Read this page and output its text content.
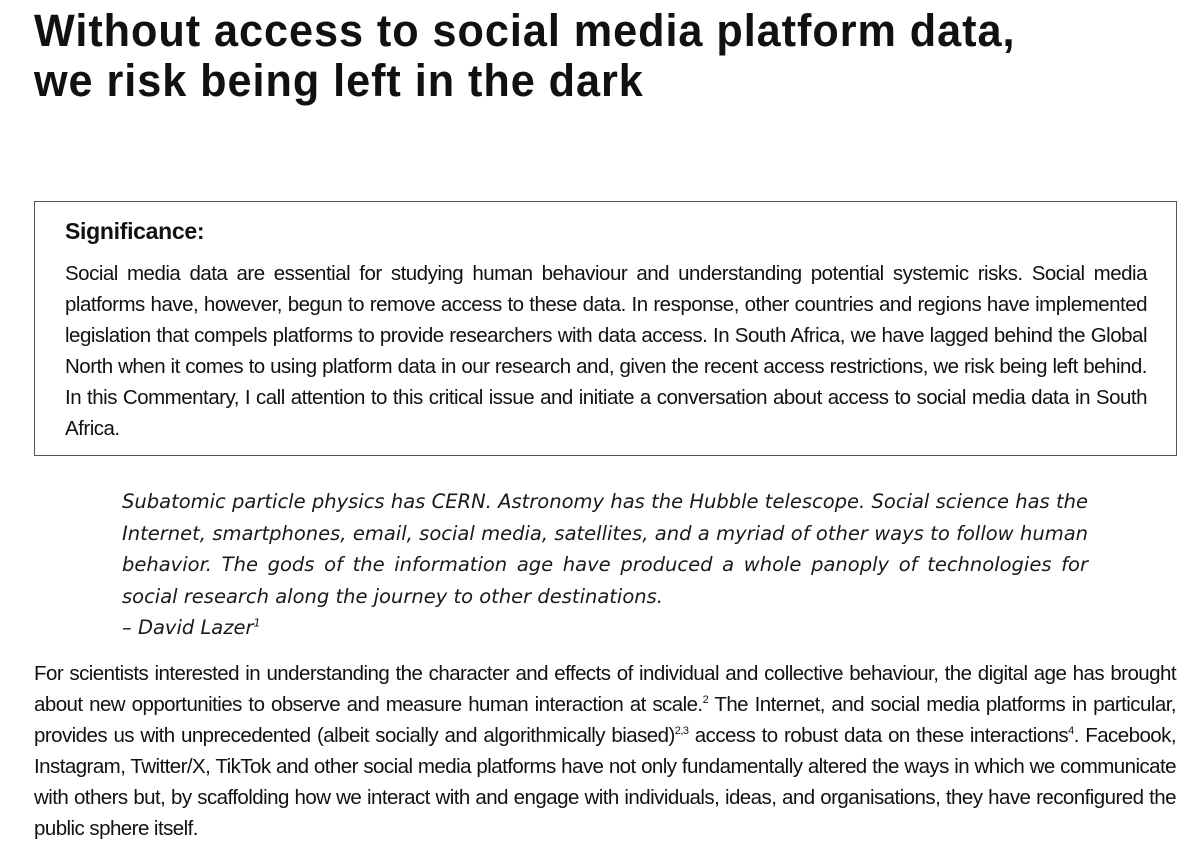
Without access to social media platform data,
we risk being left in the dark
Significance:

Social media data are essential for studying human behaviour and understanding potential systemic risks. Social media platforms have, however, begun to remove access to these data. In response, other countries and regions have implemented legislation that compels platforms to provide researchers with data access. In South Africa, we have lagged behind the Global North when it comes to using platform data in our research and, given the recent access restrictions, we risk being left behind. In this Commentary, I call attention to this critical issue and initiate a conversation about access to social media data in South Africa.

Subatomic particle physics has CERN. Astronomy has the Hubble telescope. Social science has the Internet, smartphones, email, social media, satellites, and a myriad of other ways to follow human behavior. The gods of the information age have produced a whole panoply of technologies for social research along the journey to other destinations.

– David Lazer$^1$

For scientists interested in understanding the character and effects of individual and collective behaviour, the digital age has brought about new opportunities to observe and measure human interaction at scale.$^2$ The Internet, and social media platforms in particular, provides us with unprecedented (albeit socially and algorithmically biased)$^{2,3}$ access to robust data on these interactions$^4$. Facebook, Instagram, Twitter/X, TikTok and other social media platforms have not only fundamentally altered the ways in which we communicate with others but, by scaffolding how we interact with and engage with individuals, ideas, and organisations, they have reconfigured the public sphere itself.
